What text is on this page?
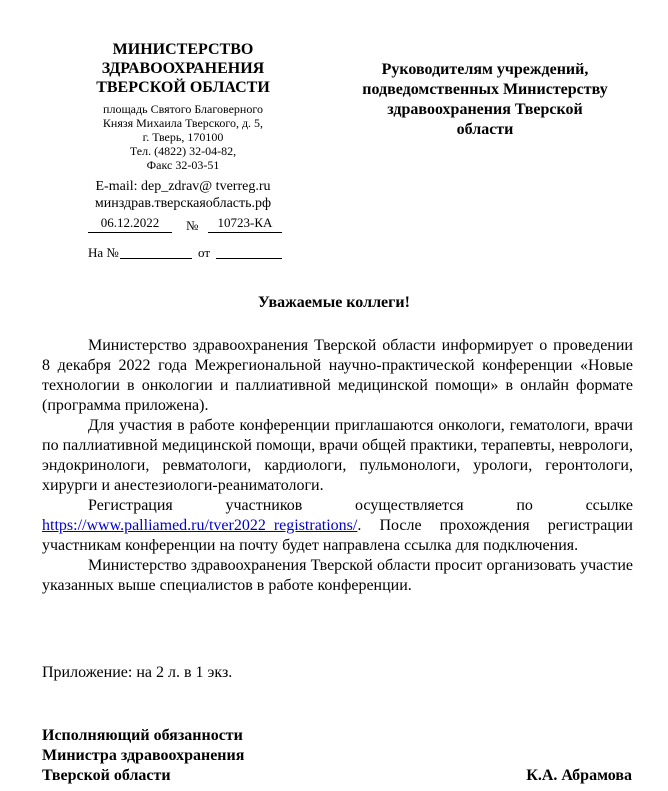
МИНИСТЕРСТВО
ЗДРАВООХРАНЕНИЯ
ТВЕРСКОЙ ОБЛАСТИ
площадь Святого Благоверного
Князя Михаила Тверского, д. 5,
г. Тверь, 170100
Тел. (4822) 32-04-82,
Факс 32-03-51
E-mail: dep_zdrav@ tverreg.ru
минздрав.тверскаяобласть.рф
06.12.2022	№	10723-КА
На №	от
Руководителям учреждений,
подведомственных Министерству
здравоохранения Тверской
области
Уважаемые коллеги!

Министерство здравоохранения Тверской области информирует о проведении 8 декабря 2022 года Межрегиональной научно-практической конференции «Новые технологии в онкологии и паллиативной медицинской помощи» в онлайн формате (программа приложена).

Для участия в работе конференции приглашаются онкологи, гематологи, врачи по паллиативной медицинской помощи, врачи общей практики, терапевты, неврологи, эндокринологи, ревматологи, кардиологи, пульмонологи, урологи, геронтологи, хирурги и анестезиологи-реаниматологи.

Регистрация участников осуществляется по ссылке https://www.palliamed.ru/tver2022_registrations/. После прохождения регистрации участникам конференции на почту будет направлена ссылка для подключения.

Министерство здравоохранения Тверской области просит организовать участие указанных выше специалистов в работе конференции.

Приложение: на 2 л. в 1 экз.
Исполняющий обязанности
Министра здравоохранения
Тверской области	К.А. Абрамова
